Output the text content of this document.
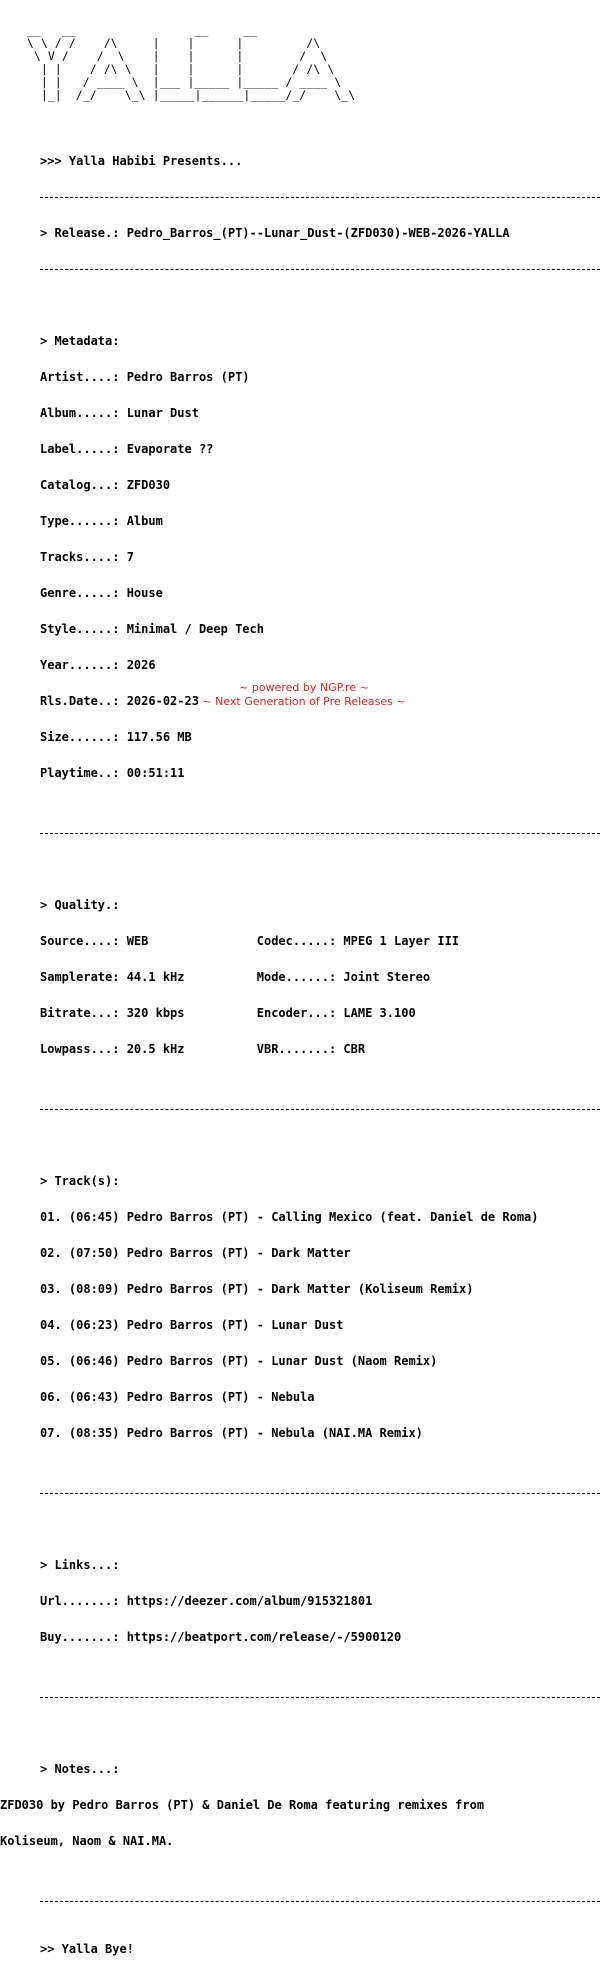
__   __                 __     __
\ \ / /    /\     |    |      |         /\
\ V /    /  \    |    |      |        /  \
| |    / /\ \   |    |      |       / /\ \
| |   / ____ \  |___ |_____ |_____ / ____ \
|_|  /_/    \_\ |_____|______|_____/_/    \_\

>>> Yalla Habibi Presents...

> Release.: Pedro_Barros_(PT)--Lunar_Dust-(ZFD030)-WEB-2026-YALLA

> Metadata:

Artist....: Pedro Barros (PT)

Album.....: Lunar Dust

Label.....: Evaporate ??

Catalog...: ZFD030

Type......: Album

Tracks....: 7

Genre.....: House

Style.....: Minimal / Deep Tech

Year......: 2026

Rls.Date..: 2026-02-23

Size......: 117.56 MB

Playtime..: 00:51:11

> Quality.:

Source....: WEB               Codec.....: MPEG 1 Layer III

Samplerate: 44.1 kHz          Mode......: Joint Stereo

Bitrate...: 320 kbps          Encoder...: LAME 3.100

Lowpass...: 20.5 kHz          VBR.......: CBR

> Track(s):

01. (06:45) Pedro Barros (PT) - Calling Mexico (feat. Daniel de Roma)

02. (07:50) Pedro Barros (PT) - Dark Matter

03. (08:09) Pedro Barros (PT) - Dark Matter (Koliseum Remix)

04. (06:23) Pedro Barros (PT) - Lunar Dust

05. (06:46) Pedro Barros (PT) - Lunar Dust (Naom Remix)

06. (06:43) Pedro Barros (PT) - Nebula

07. (08:35) Pedro Barros (PT) - Nebula (NAI.MA Remix)

> Links...:

Url.......: https://deezer.com/album/915321801

Buy.......: https://beatport.com/release/-/5900120

> Notes...:

ZFD030 by Pedro Barros (PT) & Daniel De Roma featuring remixes from

Koliseum, Naom & NAI.MA.

>> Yalla Bye!

~ powered by NGP.re ~
~ Next Generation of Pre Releases ~
